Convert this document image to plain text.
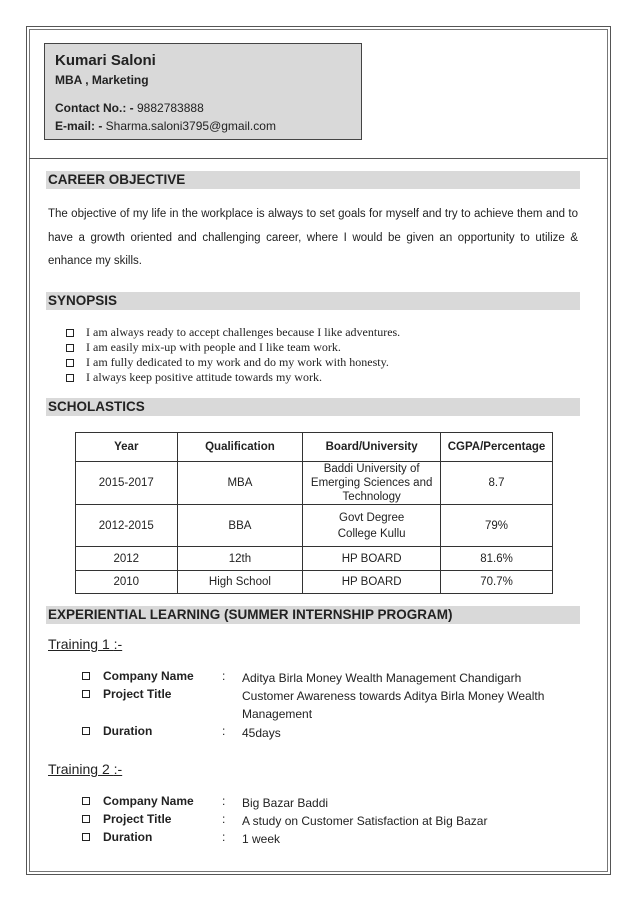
Kumari Saloni
MBA , Marketing
Contact No.: - 9882783888
E-mail: - Sharma.saloni3795@gmail.com
CAREER OBJECTIVE
The objective of my life in the workplace is always to set goals for myself and try to achieve them and to have a growth oriented and challenging career, where I would be given an opportunity to utilize & enhance my skills.
SYNOPSIS
I am always ready to accept challenges because I like adventures.
I am easily mix-up with people and I like team work.
I am fully dedicated to my work and do my work with honesty.
I always keep positive attitude towards my work.
SCHOLASTICS
Year	Qualification	Board/University	CGPA/Percentage
2015-2017	MBA	Baddi University of Emerging Sciences and Technology	8.7
2012-2015	BBA	Govt Degree College Kullu	79%
2012	12th	HP BOARD	81.6%
2010	High School	HP BOARD	70.7%
EXPERIENTIAL LEARNING (SUMMER INTERNSHIP PROGRAM)
Training 1 :-
Company Name :	Aditya Birla Money Wealth Management Chandigarh
Project Title	Customer Awareness towards Aditya Birla Money Wealth Management
Duration	:	45days
Training 2 :-
Company Name :	Big Bazar Baddi
Project Title	:	A study on Customer Satisfaction at Big Bazar
Duration	:	1 week
